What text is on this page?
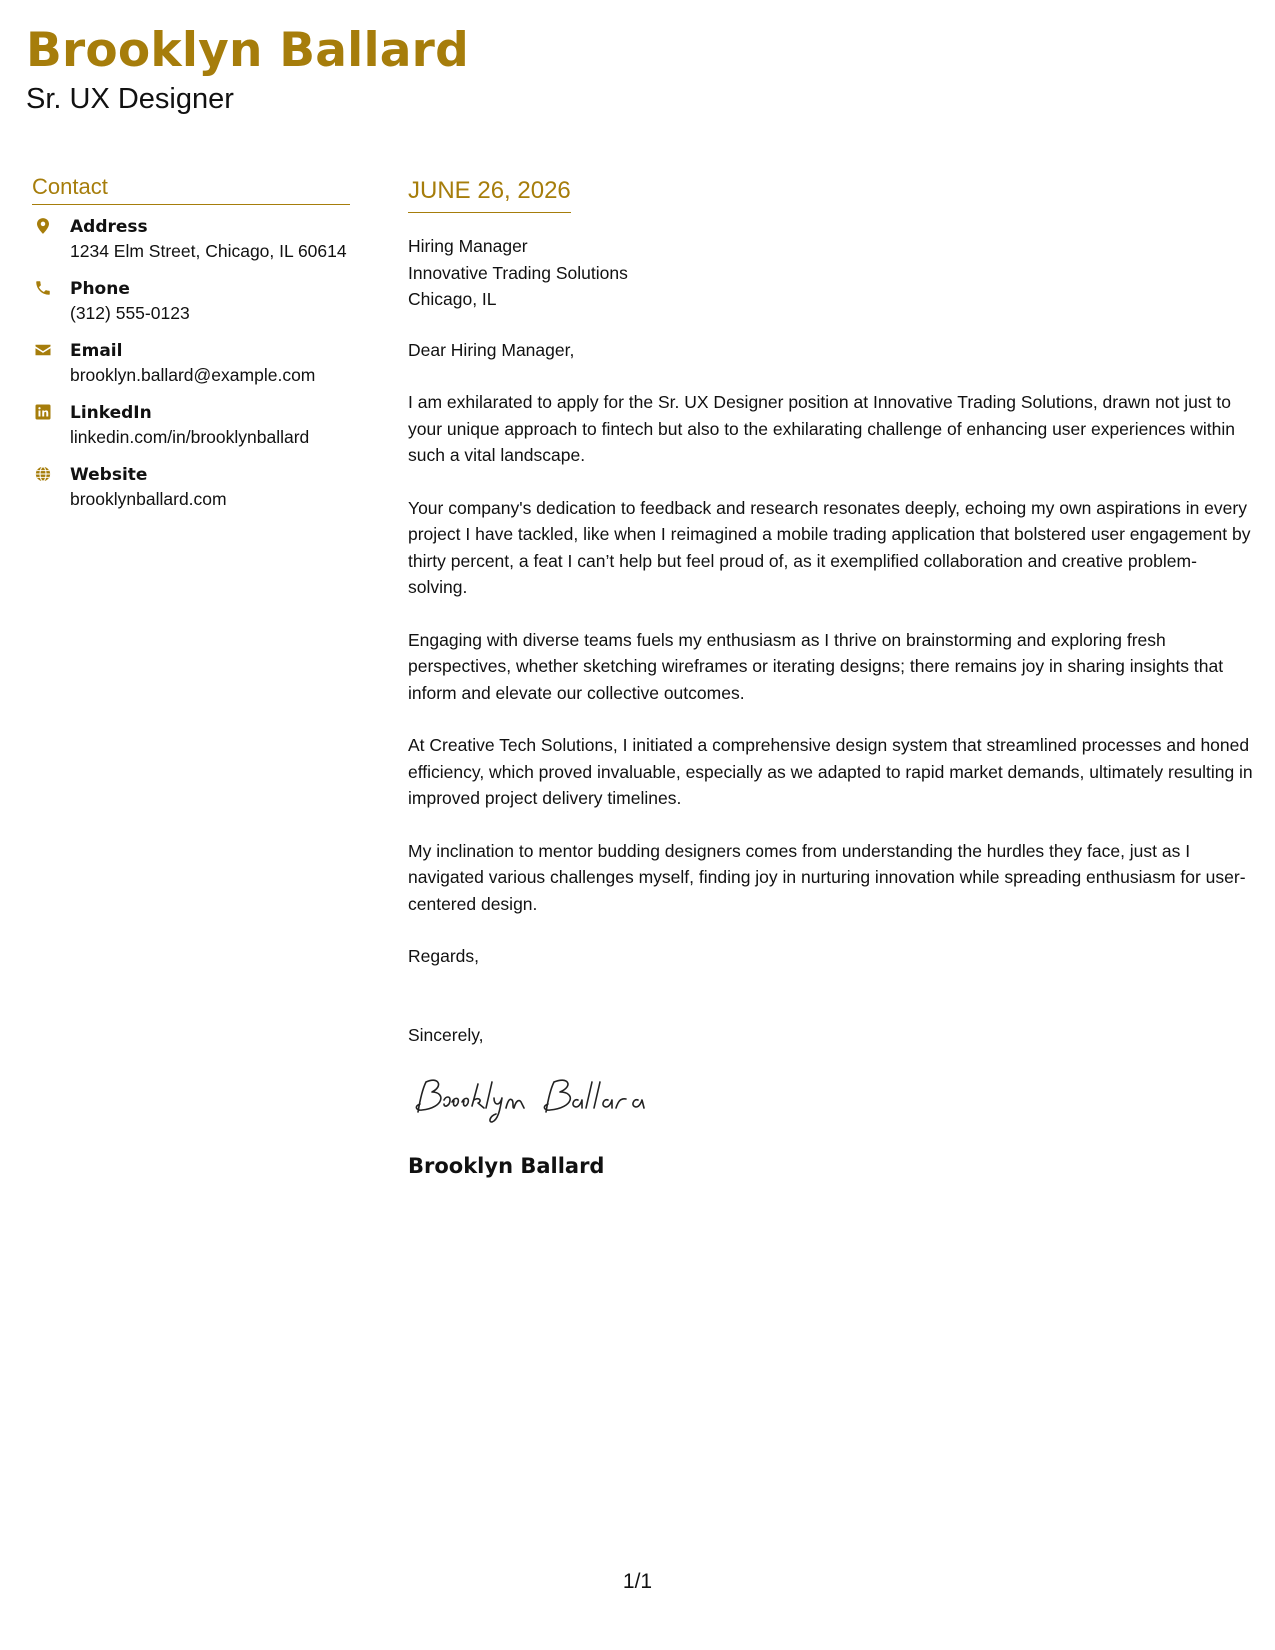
Brooklyn Ballard
Sr. UX Designer
Contact
Address
1234 Elm Street, Chicago, IL 60614
Phone
(312) 555-0123
Email
brooklyn.ballard@example.com
LinkedIn
linkedin.com/in/brooklynballard
Website
brooklynballard.com
JUNE 26, 2026
Hiring Manager
Innovative Trading Solutions
Chicago, IL

Dear Hiring Manager,

I am exhilarated to apply for the Sr. UX Designer position at Innovative Trading Solutions, drawn not just to your unique approach to fintech but also to the exhilarating challenge of enhancing user experiences within such a vital landscape.

Your company's dedication to feedback and research resonates deeply, echoing my own aspirations in every project I have tackled, like when I reimagined a mobile trading application that bolstered user engagement by thirty percent, a feat I can’t help but feel proud of, as it exemplified collaboration and creative problem-solving.

Engaging with diverse teams fuels my enthusiasm as I thrive on brainstorming and exploring fresh perspectives, whether sketching wireframes or iterating designs; there remains joy in sharing insights that inform and elevate our collective outcomes.

At Creative Tech Solutions, I initiated a comprehensive design system that streamlined processes and honed efficiency, which proved invaluable, especially as we adapted to rapid market demands, ultimately resulting in improved project delivery timelines.

My inclination to mentor budding designers comes from understanding the hurdles they face, just as I navigated various challenges myself, finding joy in nurturing innovation while spreading enthusiasm for user-centered design.

Regards,

Sincerely,

Brooklyn Ballard
1/1
